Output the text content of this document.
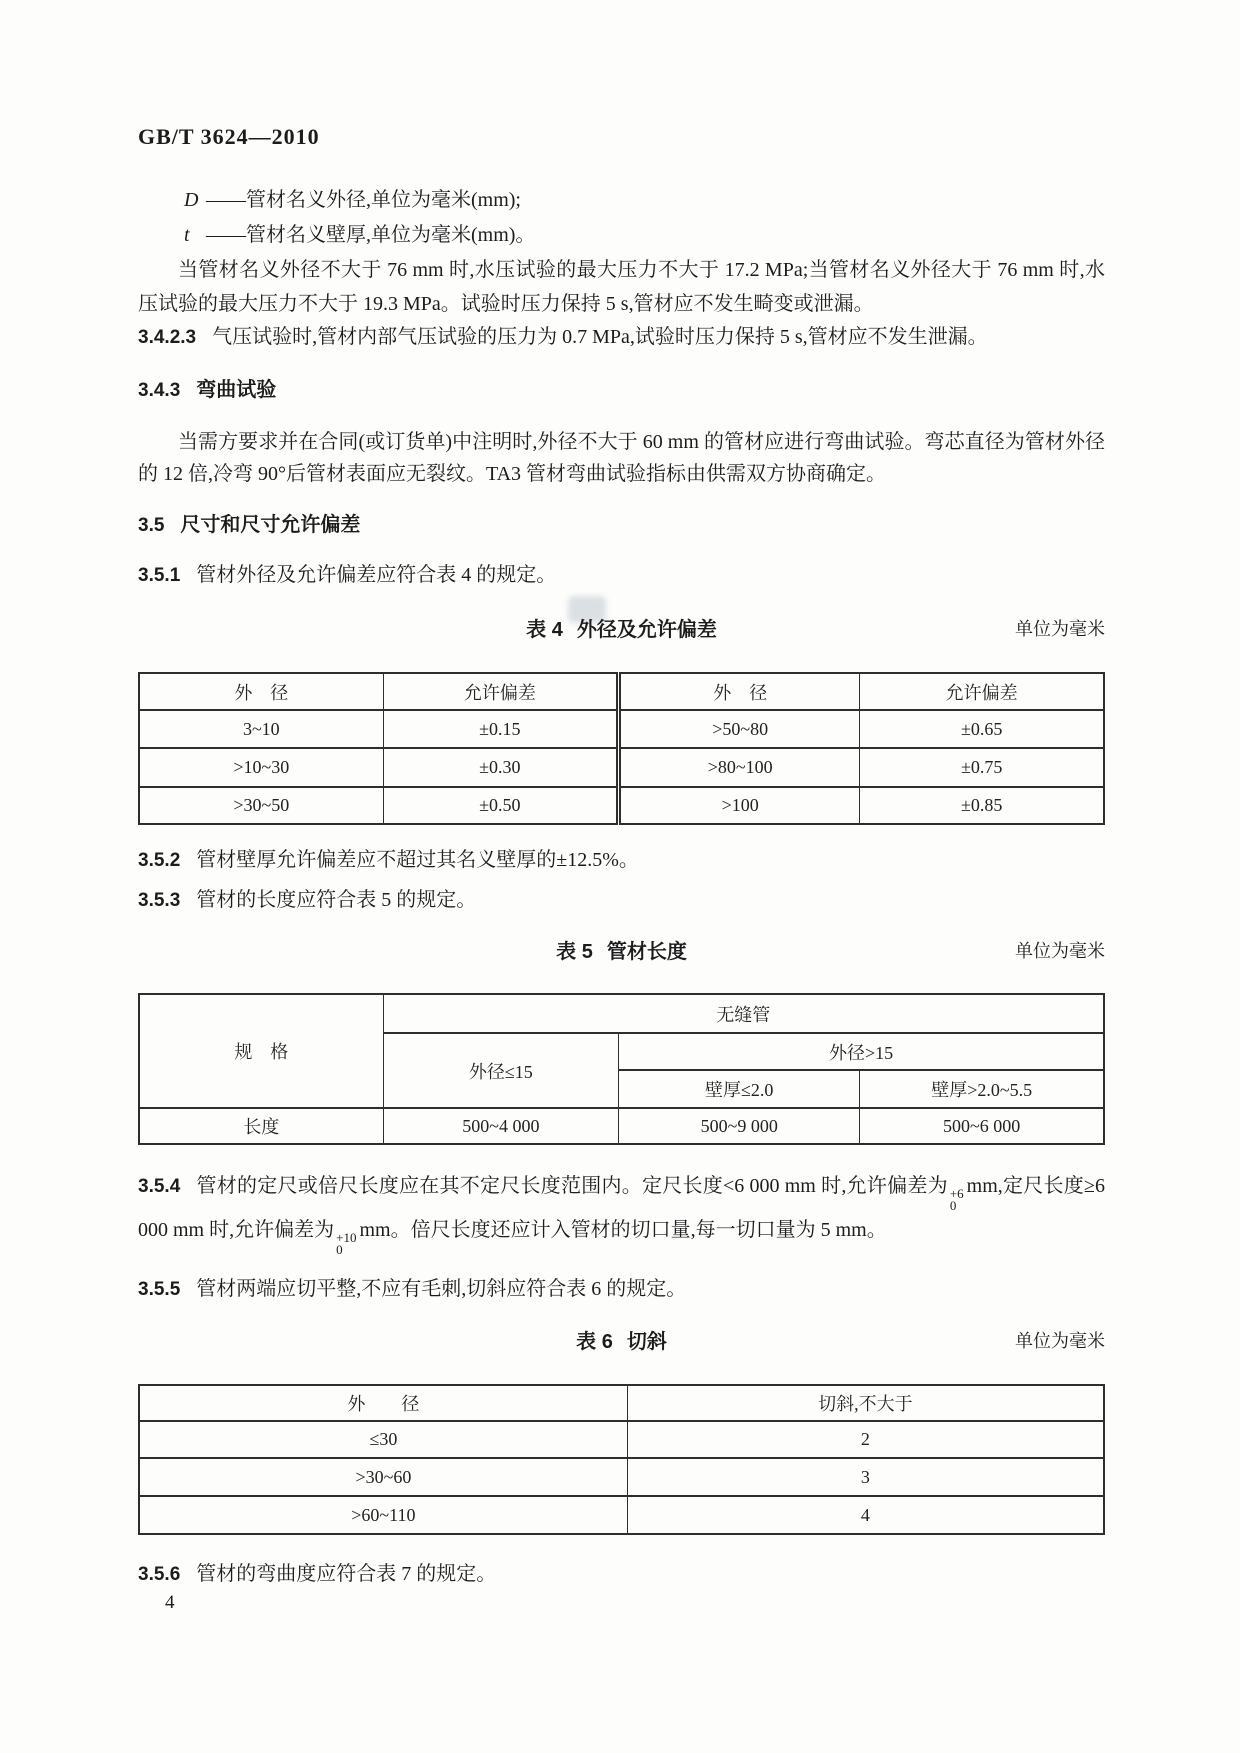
GB/T 3624—2010
D ——管材名义外径,单位为毫米(mm);
t ——管材名义壁厚,单位为毫米(mm)。
当管材名义外径不大于 76 mm 时,水压试验的最大压力不大于 17.2 MPa;当管材名义外径大于 76 mm 时,水压试验的最大压力不大于 19.3 MPa。试验时压力保持 5 s,管材应不发生畸变或泄漏。
3.4.2.3 气压试验时,管材内部气压试验的压力为 0.7 MPa,试验时压力保持 5 s,管材应不发生泄漏。
3.4.3 弯曲试验
当需方要求并在合同(或订货单)中注明时,外径不大于 60 mm 的管材应进行弯曲试验。弯芯直径为管材外径的 12 倍,冷弯 90°后管材表面应无裂纹。TA3 管材弯曲试验指标由供需双方协商确定。
3.5 尺寸和尺寸允许偏差
3.5.1 管材外径及允许偏差应符合表 4 的规定。
表 4 外径及允许偏差	单位为毫米
外　径	允许偏差	外　径	允许偏差
3~10	±0.15	>50~80	±0.65
>10~30	±0.30	>80~100	±0.75
>30~50	±0.50	>100	±0.85
3.5.2 管材壁厚允许偏差应不超过其名义壁厚的±12.5%。
3.5.3 管材的长度应符合表 5 的规定。
表 5 管材长度	单位为毫米
规　格	无缝管		
	外径≤15	外径>15	
		壁厚≤2.0	壁厚>2.0~5.5
长度	500~4 000	500~9 000	500~6 000
3.5.4 管材的定尺或倍尺长度应在其不定尺长度范围内。定尺长度<6 000 mm 时,允许偏差为 +6
0
mm,定尺长度≥6 000 mm 时,允许偏差为 +10
0
mm。倍尺长度还应计入管材的切口量,每一切口量为 5 mm。
3.5.5 管材两端应切平整,不应有毛刺,切斜应符合表 6 的规定。
表 6 切斜	单位为毫米
外　　径	切斜,不大于
≤30	2
>30~60	3
>60~110	4
3.5.6 管材的弯曲度应符合表 7 的规定。
4
